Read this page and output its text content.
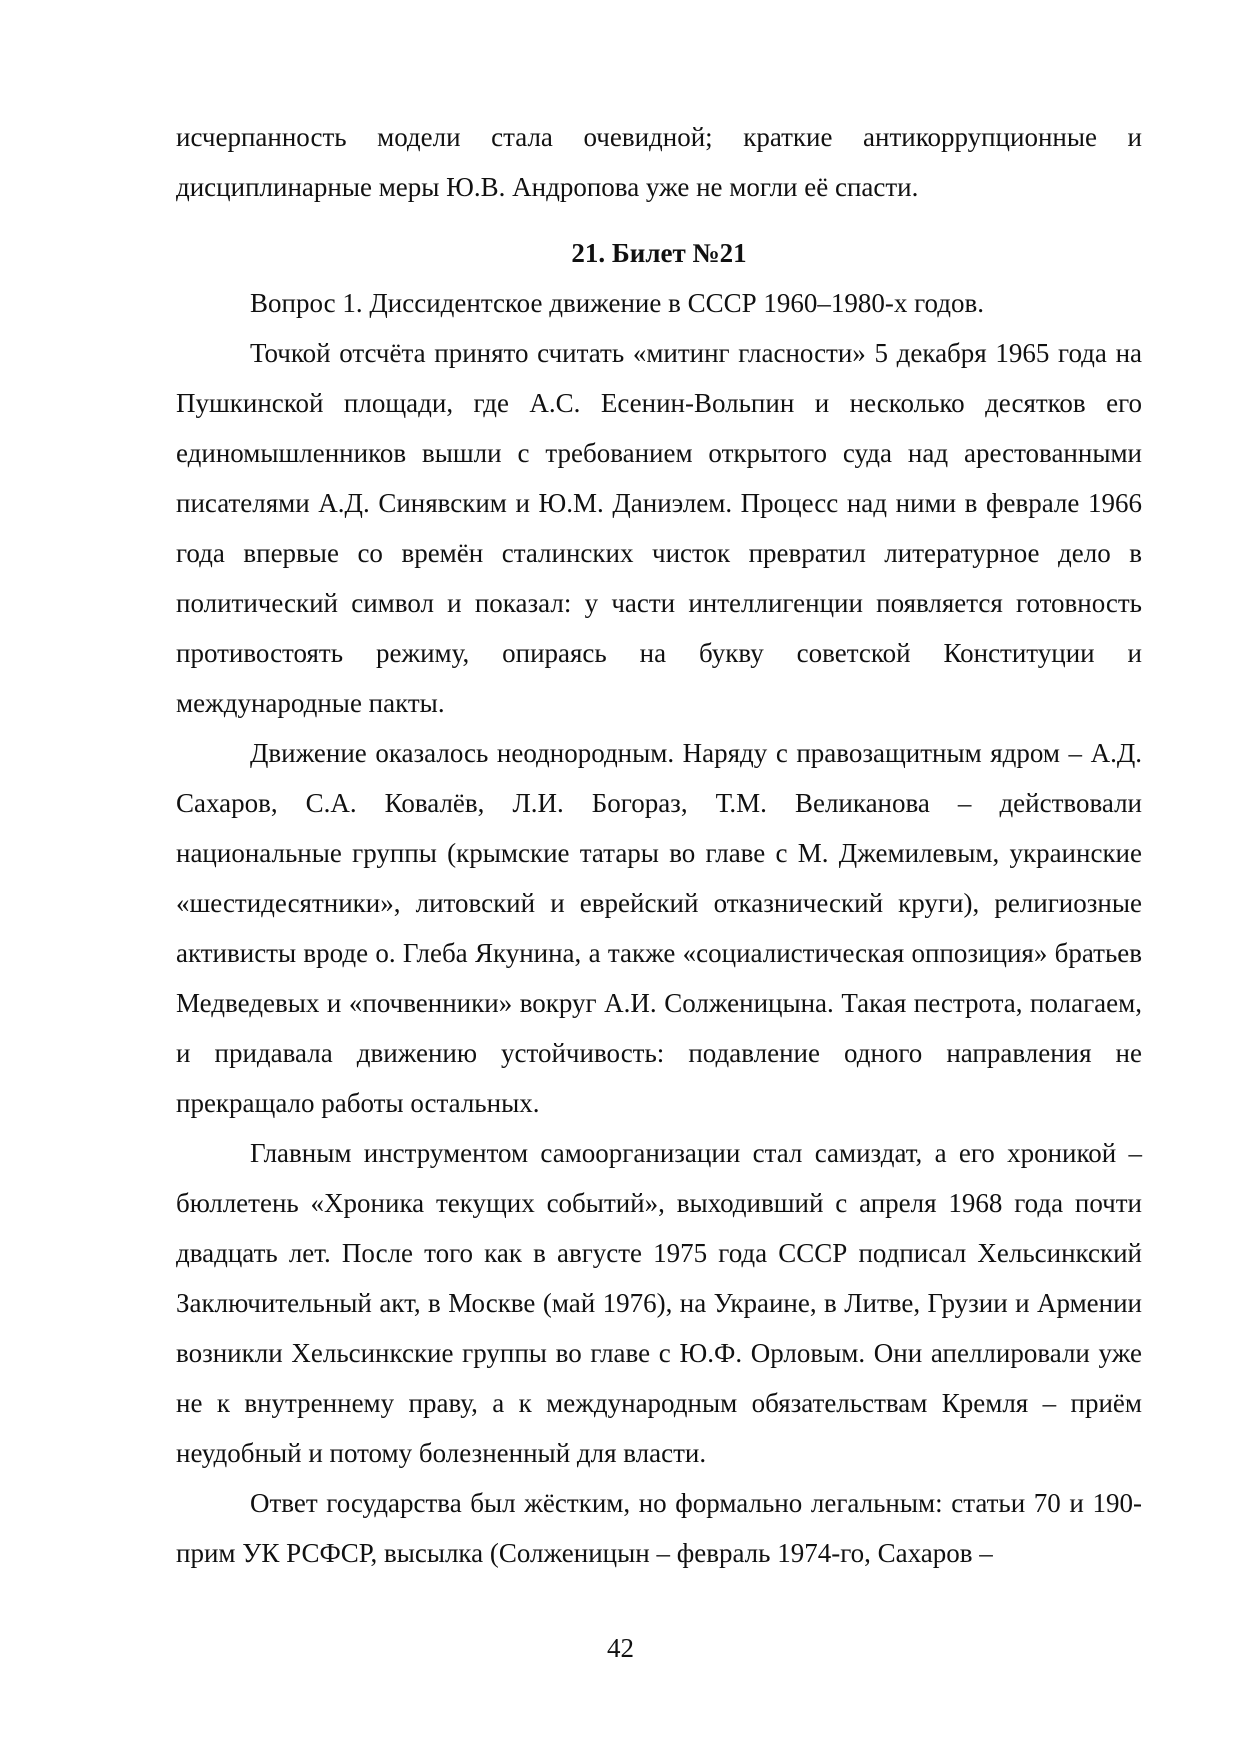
исчерпанность модели стала очевидной; краткие антикоррупционные и дисциплинарные меры Ю.В. Андропова уже не могли её спасти.

21. Билет №21

Вопрос 1. Диссидентское движение в СССР 1960–1980-х годов.

Точкой отсчёта принято считать «митинг гласности» 5 декабря 1965 года на Пушкинской площади, где А.С. Есенин-Вольпин и несколько десятков его единомышленников вышли с требованием открытого суда над арестованными писателями А.Д. Синявским и Ю.М. Даниэлем. Процесс над ними в феврале 1966 года впервые со времён сталинских чисток превратил литературное дело в политический символ и показал: у части интеллигенции появляется готовность противостоять режиму, опираясь на букву советской Конституции и международные пакты.

Движение оказалось неоднородным. Наряду с правозащитным ядром – А.Д. Сахаров, С.А. Ковалёв, Л.И. Богораз, Т.М. Великанова – действовали национальные группы (крымские татары во главе с М. Джемилевым, украинские «шестидесятники», литовский и еврейский отказнический круги), религиозные активисты вроде о. Глеба Якунина, а также «социалистическая оппозиция» братьев Медведевых и «почвенники» вокруг А.И. Солженицына. Такая пестрота, полагаем, и придавала движению устойчивость: подавление одного направления не прекращало работы остальных.

Главным инструментом самоорганизации стал самиздат, а его хроникой – бюллетень «Хроника текущих событий», выходивший с апреля 1968 года почти двадцать лет. После того как в августе 1975 года СССР подписал Хельсинкский Заключительный акт, в Москве (май 1976), на Украине, в Литве, Грузии и Армении возникли Хельсинкские группы во главе с Ю.Ф. Орловым. Они апеллировали уже не к внутреннему праву, а к международным обязательствам Кремля – приём неудобный и потому болезненный для власти.

Ответ государства был жёстким, но формально легальным: статьи 70 и 190-прим УК РСФСР, высылка (Солженицын – февраль 1974-го, Сахаров –

42
